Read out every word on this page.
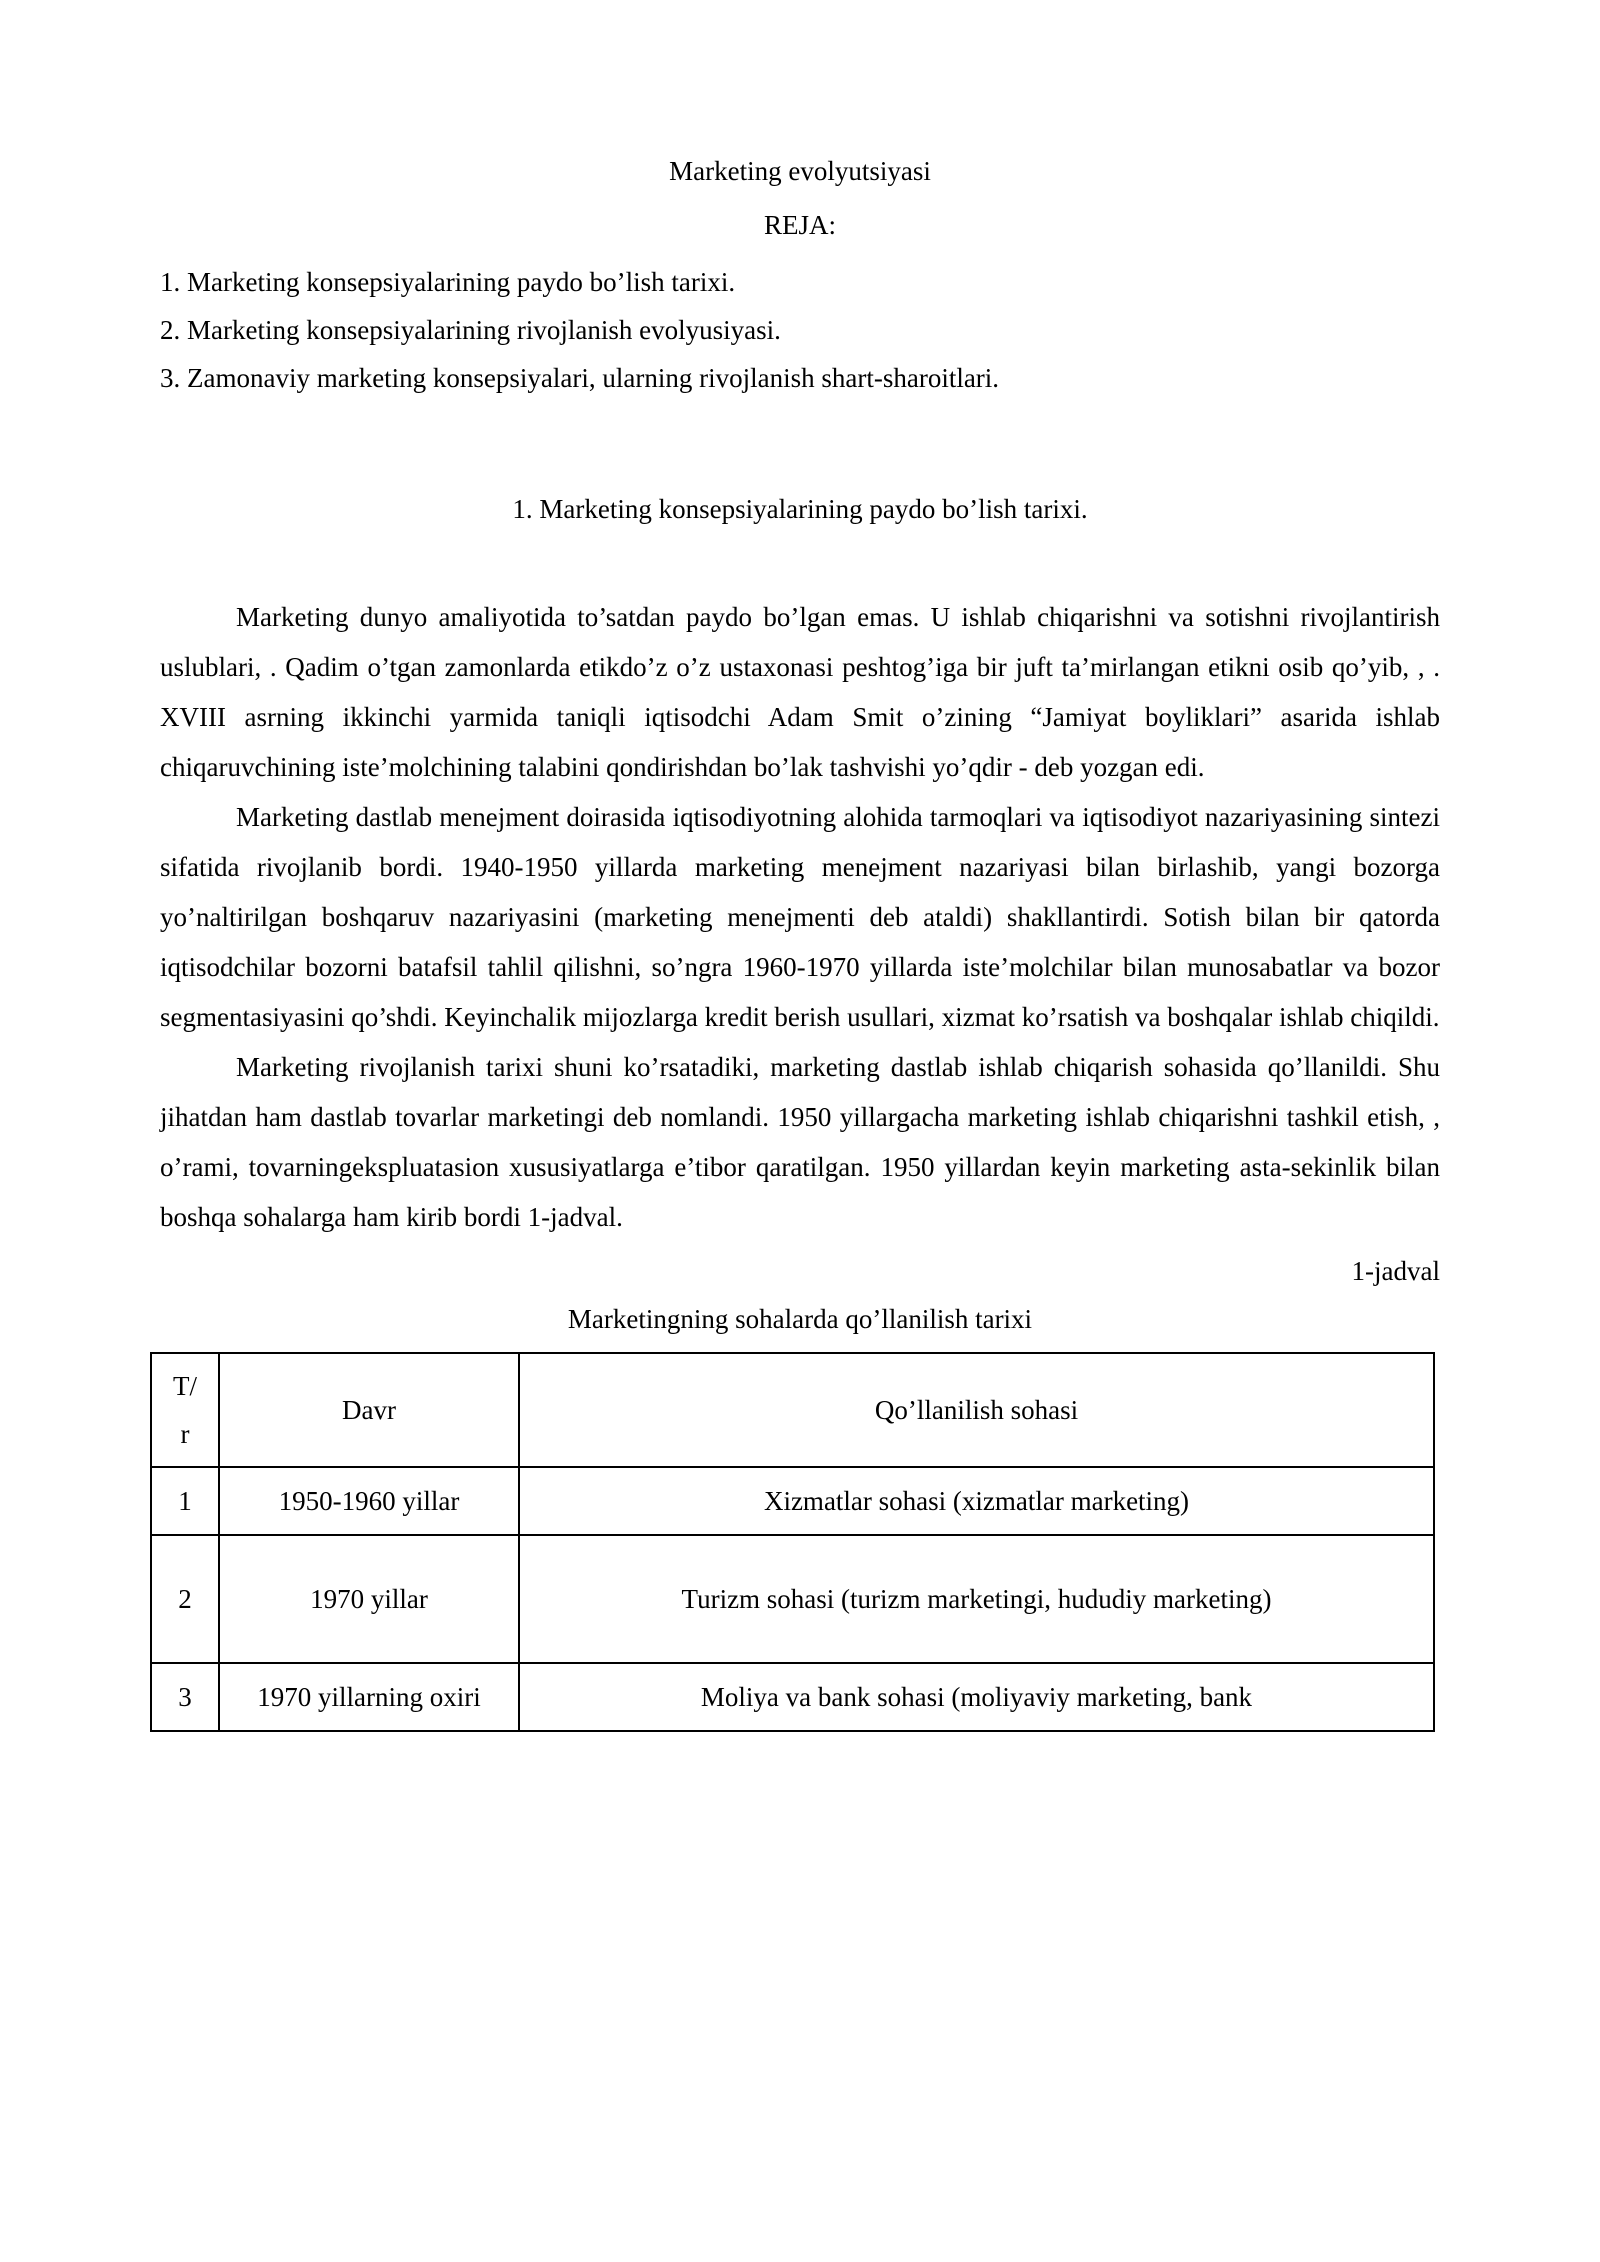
Marketing evolyutsiyasi
REJA:
1. Marketing konsepsiyalarining paydo bo’lish tarixi.
2. Marketing konsepsiyalarining rivojlanish evolyusiyasi.
3. Zamonaviy marketing konsepsiyalari, ularning rivojlanish shart-sharoitlari.
1. Marketing konsepsiyalarining paydo bo’lish tarixi.

Marketing dunyo amaliyotida to’satdan paydo bo’lgan emas. U ishlab chiqarishni va sotishni rivojlantirish uslublari, . Qadim o’tgan zamonlarda etikdo’z o’z ustaxonasi peshtog’iga bir juft ta’mirlangan etikni osib qo’yib, , . XVIII asrning ikkinchi yarmida taniqli iqtisodchi Adam Smit o’zining “Jamiyat boyliklari” asarida ishlab chiqaruvchining iste’molchining talabini qondirishdan bo’lak tashvishi yo’qdir - deb yozgan edi.

Marketing dastlab menejment doirasida iqtisodiyotning alohida tarmoqlari va iqtisodiyot nazariyasining sintezi sifatida rivojlanib bordi. 1940-1950 yillarda marketing menejment nazariyasi bilan birlashib, yangi bozorga yo’naltirilgan boshqaruv nazariyasini (marketing menejmenti deb ataldi) shakllantirdi. Sotish bilan bir qatorda iqtisodchilar bozorni batafsil tahlil qilishni, so’ngra 1960-1970 yillarda iste’molchilar bilan munosabatlar va bozor segmentasiyasini qo’shdi. Keyinchalik mijozlarga kredit berish usullari, xizmat ko’rsatish va boshqalar ishlab chiqildi.

Marketing rivojlanish tarixi shuni ko’rsatadiki, marketing dastlab ishlab chiqarish sohasida qo’llanildi. Shu jihatdan ham dastlab tovarlar marketingi deb nomlandi. 1950 yillargacha marketing ishlab chiqarishni tashkil etish, , o’rami, tovarningekspluatasion xususiyatlarga e’tibor qaratilgan. 1950 yillardan keyin marketing asta-sekinlik bilan boshqa sohalarga ham kirib bordi 1-jadval.

1-jadval
Marketingning sohalarda qo’llanilish tarixi
T/
r	Davr	Qo’llanilish sohasi
1	1950-1960 yillar	Xizmatlar sohasi (xizmatlar marketing)
2	1970 yillar	Turizm sohasi (turizm marketingi, hududiy marketing)
3	1970 yillarning oxiri	Moliya va bank sohasi (moliyaviy marketing, bank
